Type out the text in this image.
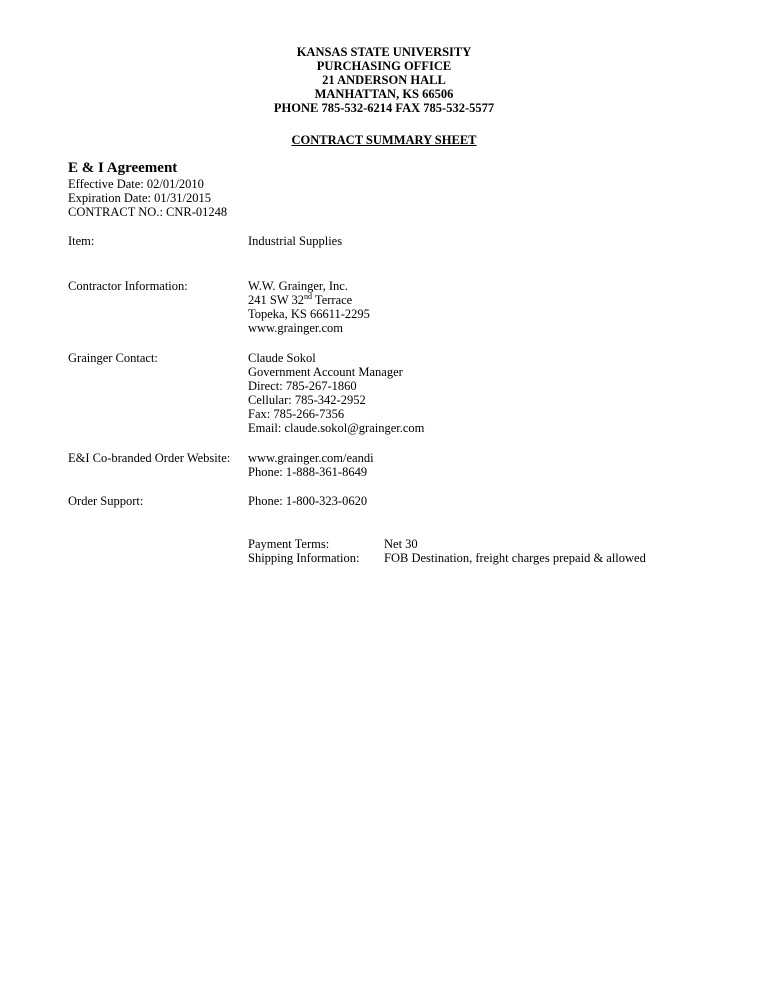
KANSAS STATE UNIVERSITY
PURCHASING OFFICE
21 ANDERSON HALL
MANHATTAN, KS 66506
PHONE 785-532-6214 FAX 785-532-5577
CONTRACT SUMMARY SHEET
E & I Agreement
Effective Date: 02/01/2010
Expiration Date: 01/31/2015
CONTRACT NO.: CNR-01248
Item:	Industrial Supplies
Contractor Information:	W.W. Grainger, Inc.
241 SW 32nd Terrace
Topeka, KS 66611-2295
www.grainger.com
Grainger Contact:	Claude Sokol
Government Account Manager
Direct: 785-267-1860
Cellular: 785-342-2952
Fax: 785-266-7356
Email: claude.sokol@grainger.com
E&I Co-branded Order Website: www.grainger.com/eandi
Phone: 1-888-361-8649
Order Support:	Phone: 1-800-323-0620
Payment Terms:	Net 30
Shipping Information: FOB Destination, freight charges prepaid & allowed
